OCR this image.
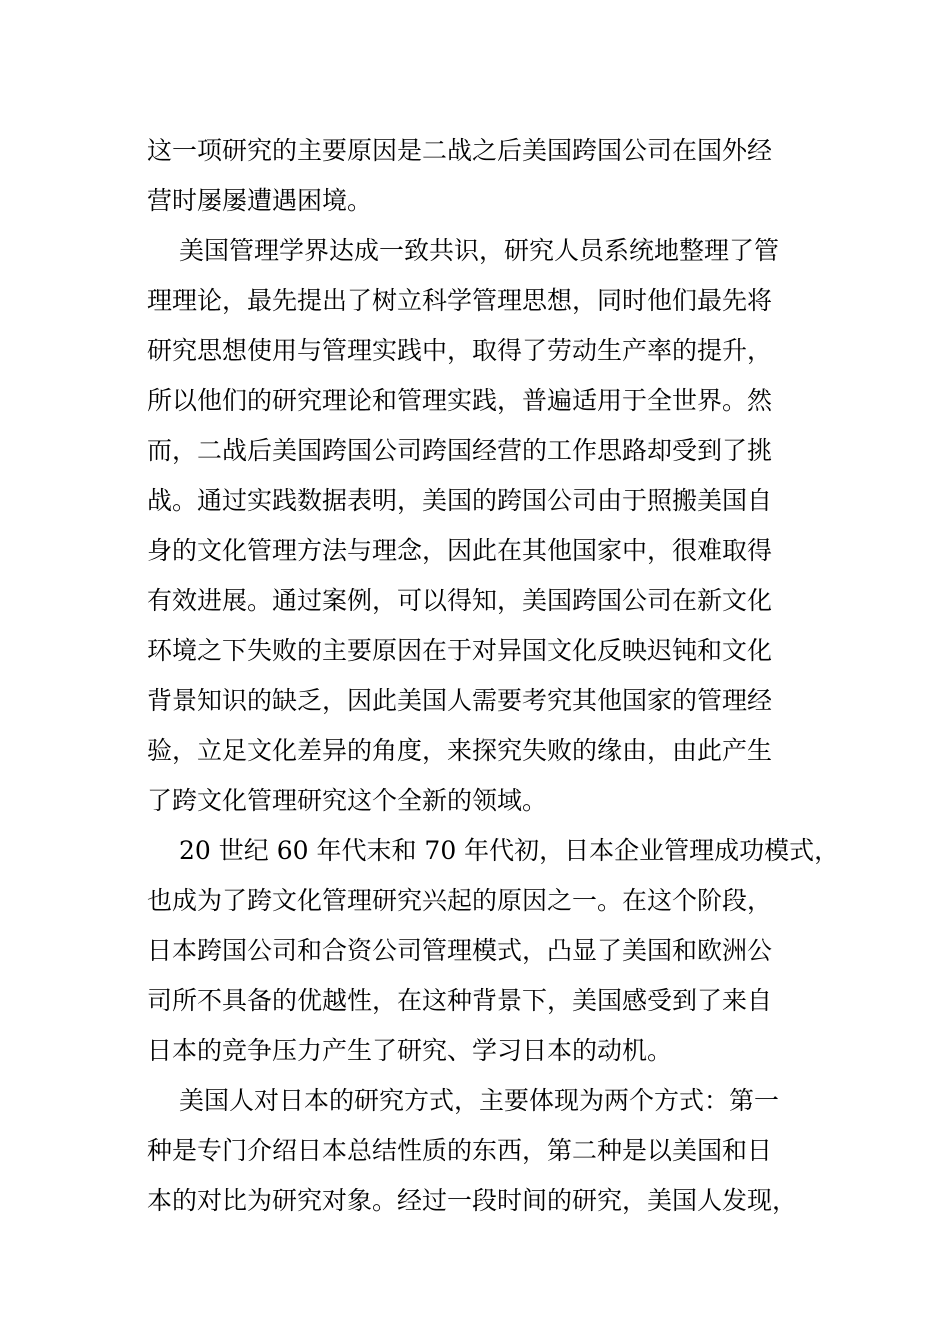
这一项研究的主要原因是二战之后美国跨国公司在国外经
营时屡屡遭遇困境。
美国管理学界达成一致共识，研究人员系统地整理了管
理理论，最先提出了树立科学管理思想，同时他们最先将
研究思想使用与管理实践中，取得了劳动生产率的提升，
所以他们的研究理论和管理实践，普遍适用于全世界。然
而，二战后美国跨国公司跨国经营的工作思路却受到了挑
战。通过实践数据表明，美国的跨国公司由于照搬美国自
身的文化管理方法与理念，因此在其他国家中，很难取得
有效进展。通过案例，可以得知，美国跨国公司在新文化
环境之下失败的主要原因在于对异国文化反映迟钝和文化
背景知识的缺乏，因此美国人需要考究其他国家的管理经
验，立足文化差异的角度，来探究失败的缘由，由此产生
了跨文化管理研究这个全新的领域。
20 世纪 60 年代末和 70 年代初，日本企业管理成功模式，
也成为了跨文化管理研究兴起的原因之一。在这个阶段，
日本跨国公司和合资公司管理模式，凸显了美国和欧洲公
司所不具备的优越性，在这种背景下，美国感受到了来自
日本的竞争压力产生了研究、学习日本的动机。
美国人对日本的研究方式，主要体现为两个方式：第一
种是专门介绍日本总结性质的东西，第二种是以美国和日
本的对比为研究对象。经过一段时间的研究，美国人发现，
